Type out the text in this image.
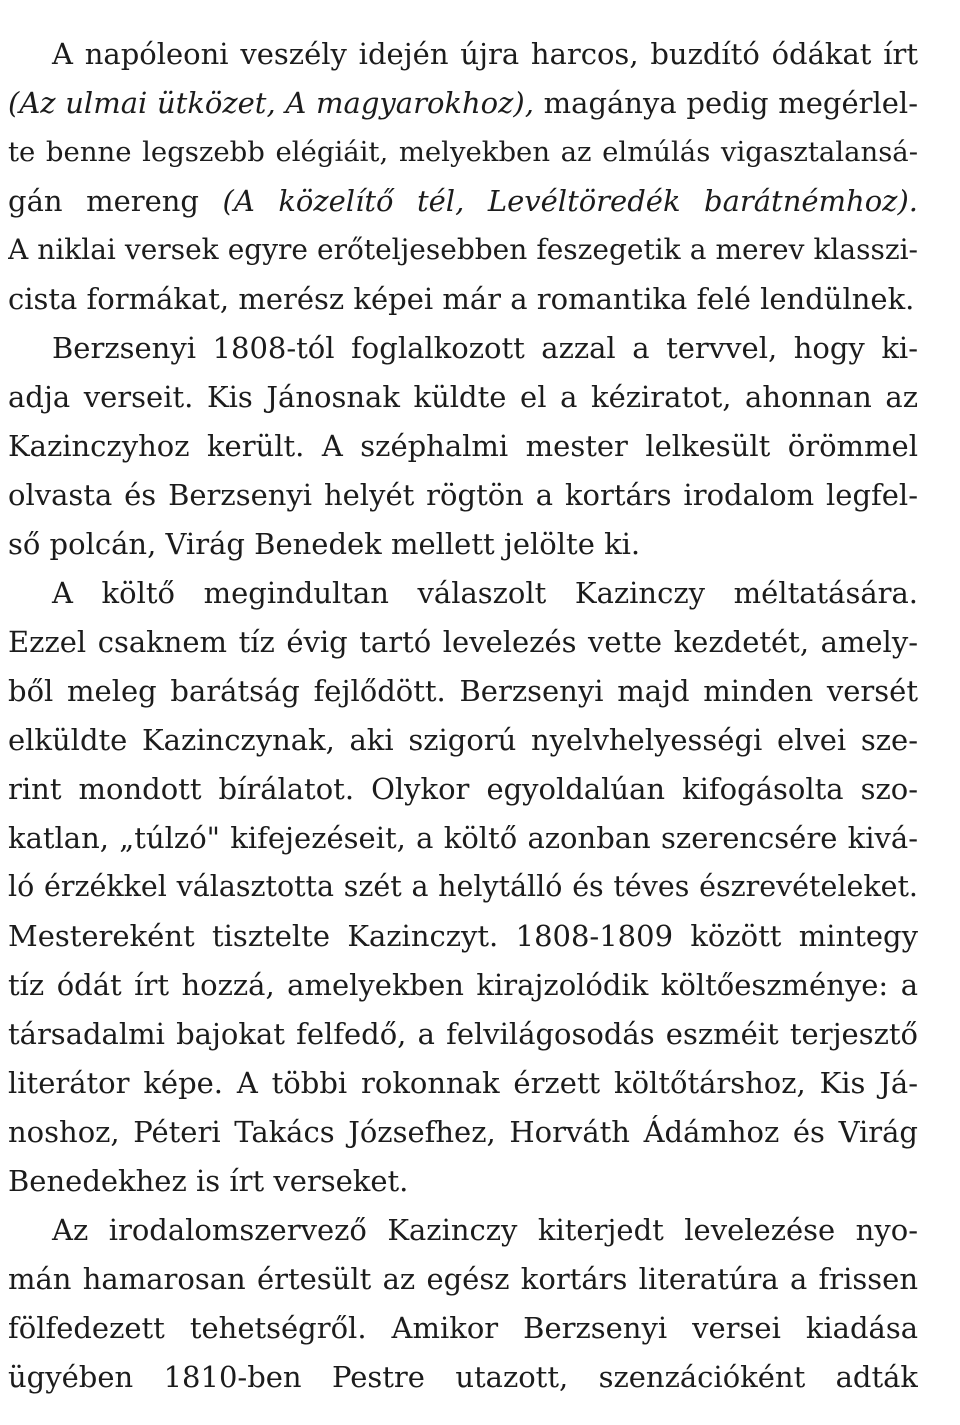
A napóleoni veszély idején újra harcos, buzdító ódákat írt
(Az ulmai ütközet, A magyarokhoz), magánya pedig megérlel-
te benne legszebb elégiáit, melyekben az elmúlás vigasztalansá-
gán mereng (A közelítő tél, Levéltöredék barátnémhoz).
A niklai versek egyre erőteljesebben feszegetik a merev klasszi-
cista formákat, merész képei már a romantika felé lendülnek.
Berzsenyi 1808-tól foglalkozott azzal a tervvel, hogy ki-
adja verseit. Kis Jánosnak küldte el a kéziratot, ahonnan az
Kazinczyhoz került. A széphalmi mester lelkesült örömmel
olvasta és Berzsenyi helyét rögtön a kortárs irodalom legfel-
ső polcán, Virág Benedek mellett jelölte ki.
A költő megindultan válaszolt Kazinczy méltatására.
Ezzel csaknem tíz évig tartó levelezés vette kezdetét, amely-
ből meleg barátság fejlődött. Berzsenyi majd minden versét
elküldte Kazinczynak, aki szigorú nyelvhelyességi elvei sze-
rint mondott bírálatot. Olykor egyoldalúan kifogásolta szo-
katlan, „túlzó" kifejezéseit, a költő azonban szerencsére kivá-
ló érzékkel választotta szét a helytálló és téves észrevételeket.
Mestereként tisztelte Kazinczyt. 1808-1809 között mintegy
tíz ódát írt hozzá, amelyekben kirajzolódik költőeszménye: a
társadalmi bajokat felfedő, a felvilágosodás eszméit terjesztő
literátor képe. A többi rokonnak érzett költőtárshoz, Kis Já-
noshoz, Péteri Takács Józsefhez, Horváth Ádámhoz és Virág
Benedekhez is írt verseket.
Az irodalomszervező Kazinczy kiterjedt levelezése nyo-
mán hamarosan értesült az egész kortárs literatúra a frissen
fölfedezett tehetségről. Amikor Berzsenyi versei kiadása
ügyében 1810-ben Pestre utazott, szenzációként adták
